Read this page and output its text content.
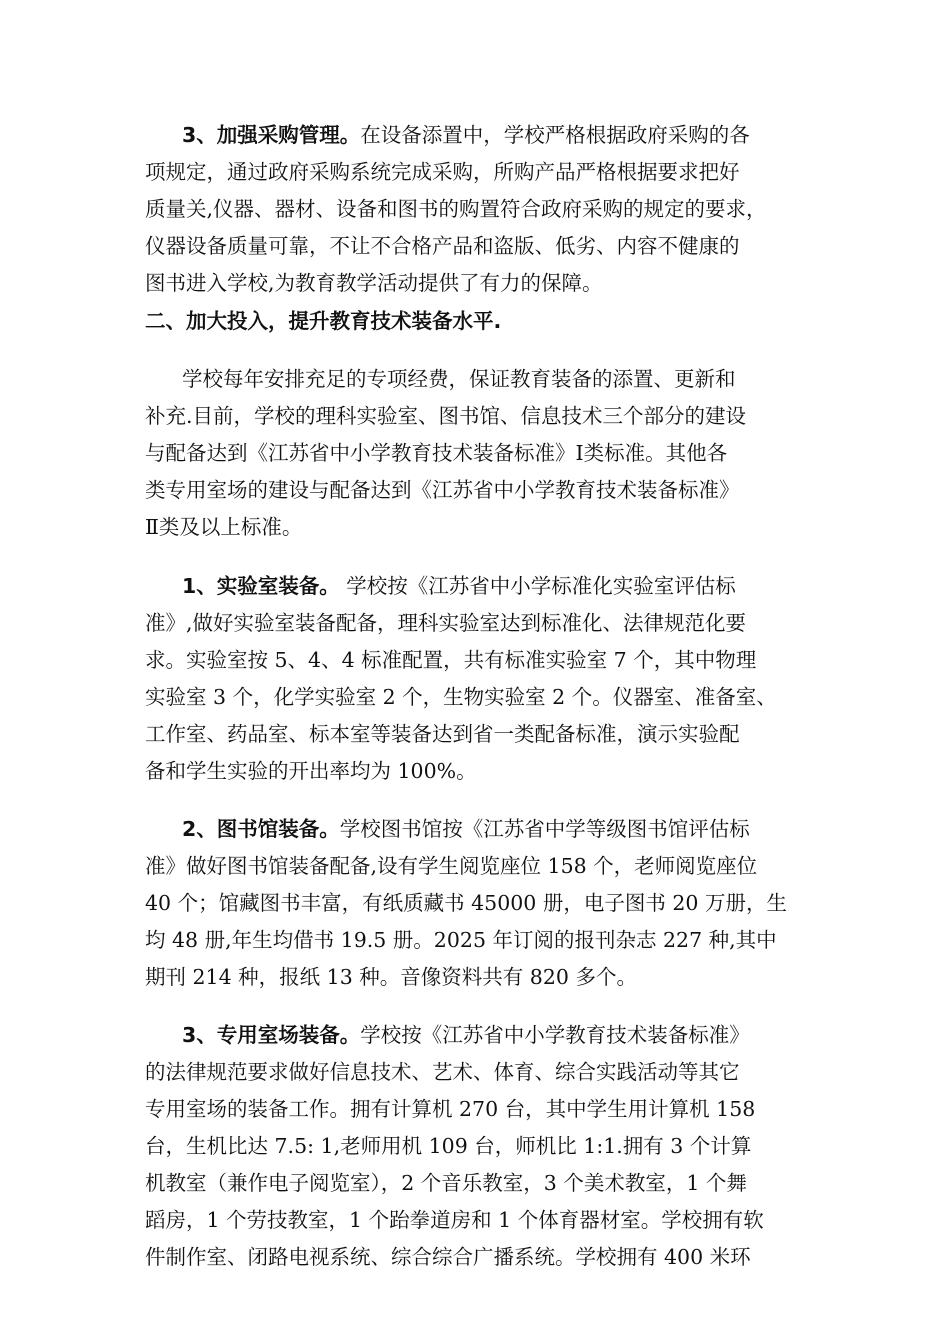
3、加强采购管理。在设备添置中，学校严格根据政府采购的各
项规定，通过政府采购系统完成采购，所购产品严格根据要求把好
质量关,仪器、器材、设备和图书的购置符合政府采购的规定的要求，
仪器设备质量可靠，不让不合格产品和盗版、低劣、内容不健康的
图书进入学校,为教育教学活动提供了有力的保障。
二、加大投入，提升教育技术装备水平.
学校每年安排充足的专项经费，保证教育装备的添置、更新和
补充.目前，学校的理科实验室、图书馆、信息技术三个部分的建设
与配备达到《江苏省中小学教育技术装备标准》Ⅰ类标准。其他各
类专用室场的建设与配备达到《江苏省中小学教育技术装备标准》
Ⅱ类及以上标准。
1、实验室装备。 学校按《江苏省中小学标准化实验室评估标
准》,做好实验室装备配备，理科实验室达到标准化、法律规范化要
求。实验室按 5、4、4 标准配置，共有标准实验室 7 个，其中物理
实验室 3 个，化学实验室 2 个，生物实验室 2 个。仪器室、准备室、
工作室、药品室、标本室等装备达到省一类配备标准，演示实验配
备和学生实验的开出率均为 100%。
2、图书馆装备。学校图书馆按《江苏省中学等级图书馆评估标
准》做好图书馆装备配备,设有学生阅览座位 158 个，老师阅览座位
40 个；馆藏图书丰富，有纸质藏书 45000 册，电子图书 20 万册，生
均 48 册,年生均借书 19.5 册。2025 年订阅的报刊杂志 227 种,其中
期刊 214 种，报纸 13 种。音像资料共有 820 多个。
3、专用室场装备。学校按《江苏省中小学教育技术装备标准》
的法律规范要求做好信息技术、艺术、体育、综合实践活动等其它
专用室场的装备工作。拥有计算机 270 台，其中学生用计算机 158
台，生机比达 7.5: 1,老师用机 109 台，师机比 1:1.拥有 3 个计算
机教室（兼作电子阅览室），2 个音乐教室，3 个美术教室，1 个舞
蹈房，1 个劳技教室，1 个跆拳道房和 1 个体育器材室。学校拥有软
件制作室、闭路电视系统、综合综合广播系统。学校拥有 400 米环
